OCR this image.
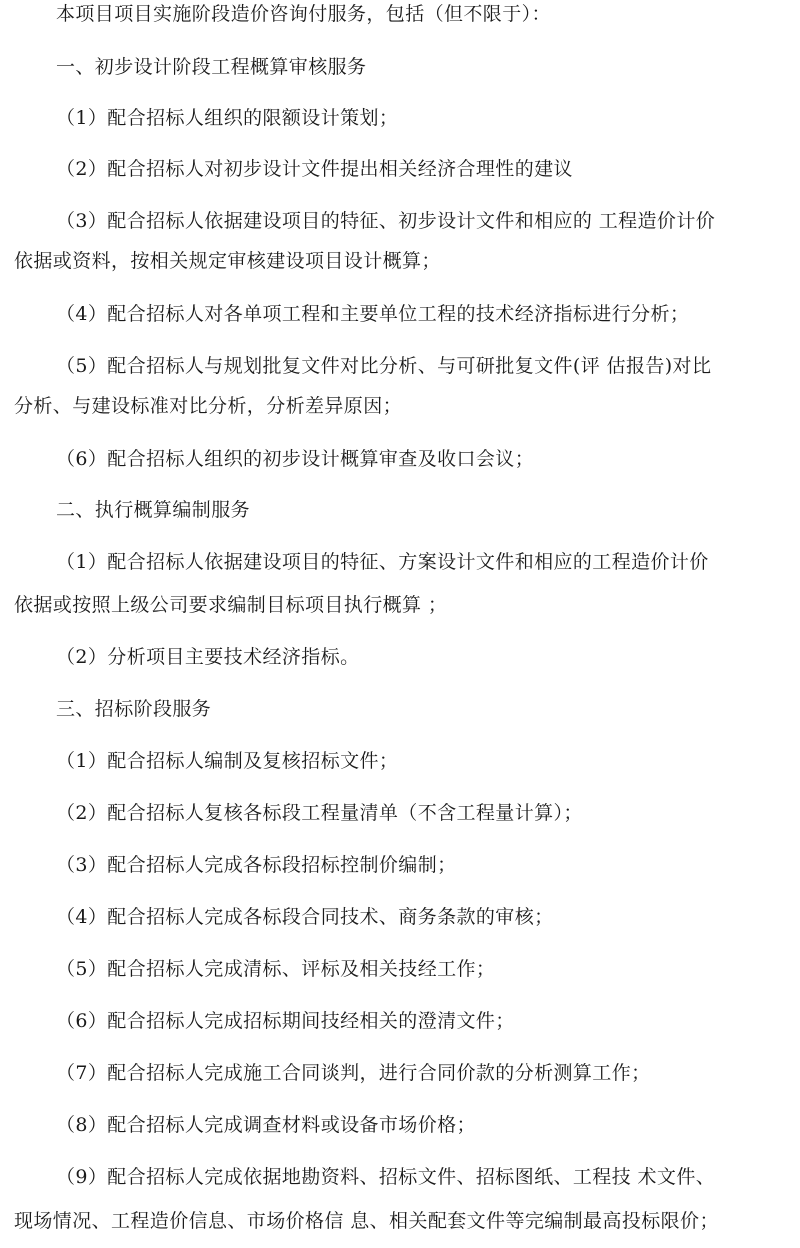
本项目项目实施阶段造价咨询付服务，包括（但不限于）：
一、初步设计阶段工程概算审核服务
（1）配合招标人组织的限额设计策划；
（2）配合招标人对初步设计文件提出相关经济合理性的建议
（3）配合招标人依据建设项目的特征、初步设计文件和相应的 工程造价计价
依据或资料，按相关规定审核建设项目设计概算；
（4）配合招标人对各单项工程和主要单位工程的技术经济指标进行分析；
（5）配合招标人与规划批复文件对比分析、与可研批复文件(评 估报告)对比
分析、与建设标准对比分析，分析差异原因；
（6）配合招标人组织的初步设计概算审查及收口会议；
二、执行概算编制服务
（1）配合招标人依据建设项目的特征、方案设计文件和相应的工程造价计价
依据或按照上级公司要求编制目标项目执行概算 ；
（2）分析项目主要技术经济指标。
三、招标阶段服务
（1）配合招标人编制及复核招标文件；
（2）配合招标人复核各标段工程量清单（不含工程量计算）；
（3）配合招标人完成各标段招标控制价编制；
（4）配合招标人完成各标段合同技术、商务条款的审核；
（5）配合招标人完成清标、评标及相关技经工作；
（6）配合招标人完成招标期间技经相关的澄清文件；
（7）配合招标人完成施工合同谈判，进行合同价款的分析测算工作；
（8）配合招标人完成调查材料或设备市场价格；
（9）配合招标人完成依据地勘资料、招标文件、招标图纸、工程技 术文件、
现场情况、工程造价信息、市场价格信 息、相关配套文件等完编制最高投标限价；
